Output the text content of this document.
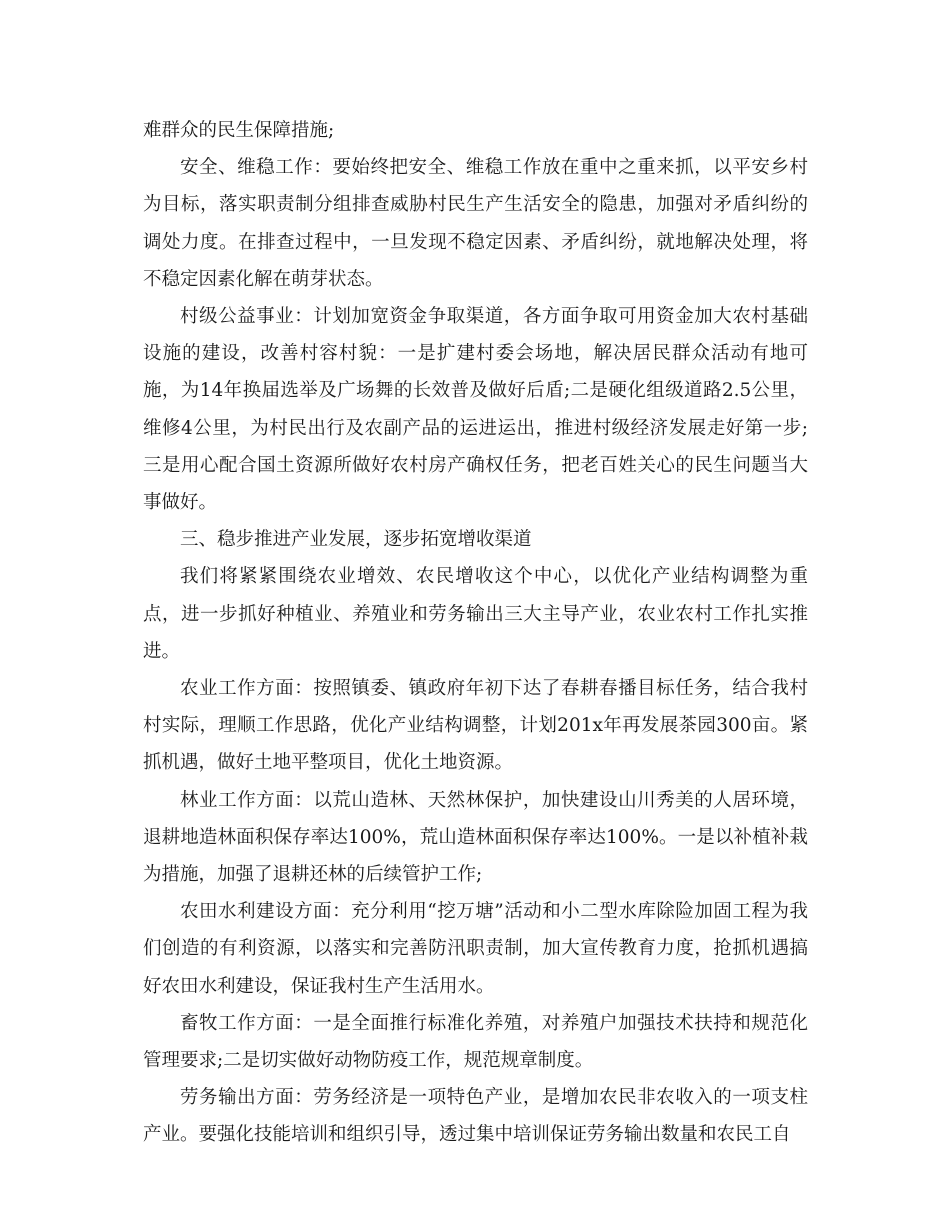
难群众的民生保障措施;

安全、维稳工作：要始终把安全、维稳工作放在重中之重来抓，以平安乡村为目标，落实职责制分组排查威胁村民生产生活安全的隐患，加强对矛盾纠纷的调处力度。在排查过程中，一旦发现不稳定因素、矛盾纠纷，就地解决处理，将不稳定因素化解在萌芽状态。

村级公益事业：计划加宽资金争取渠道，各方面争取可用资金加大农村基础设施的建设，改善村容村貌：一是扩建村委会场地，解决居民群众活动有地可施，为14年换届选举及广场舞的长效普及做好后盾;二是硬化组级道路2.5公里，维修4公里，为村民出行及农副产品的运进运出，推进村级经济发展走好第一步;三是用心配合国土资源所做好农村房产确权任务，把老百姓关心的民生问题当大事做好。

三、稳步推进产业发展，逐步拓宽增收渠道

我们将紧紧围绕农业增效、农民增收这个中心，以优化产业结构调整为重点，进一步抓好种植业、养殖业和劳务输出三大主导产业，农业农村工作扎实推进。

农业工作方面：按照镇委、镇政府年初下达了春耕春播目标任务，结合我村村实际，理顺工作思路，优化产业结构调整，计划201x年再发展茶园300亩。紧抓机遇，做好土地平整项目，优化土地资源。

林业工作方面：以荒山造林、天然林保护，加快建设山川秀美的人居环境，退耕地造林面积保存率达100%，荒山造林面积保存率达100%。一是以补植补栽为措施，加强了退耕还林的后续管护工作;

农田水利建设方面：充分利用“挖万塘”活动和小二型水库除险加固工程为我们创造的有利资源，以落实和完善防汛职责制，加大宣传教育力度，抢抓机遇搞好农田水利建设，保证我村生产生活用水。

畜牧工作方面：一是全面推行标准化养殖，对养殖户加强技术扶持和规范化管理要求;二是切实做好动物防疫工作，规范规章制度。

劳务输出方面：劳务经济是一项特色产业，是增加农民非农收入的一项支柱产业。要强化技能培训和组织引导，透过集中培训保证劳务输出数量和农民工自
